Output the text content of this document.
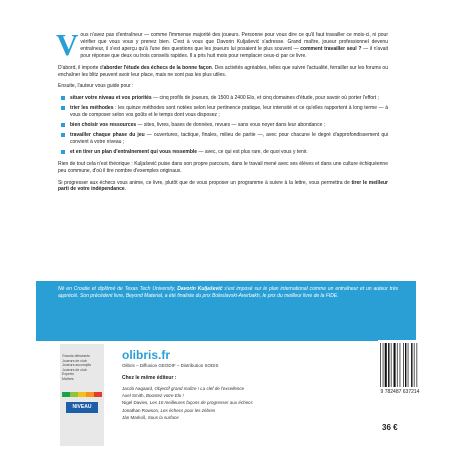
Vous n'avez pas d'entraîneur — comme l'immense majorité des joueurs. Personne pour vous dire ce qu'il faut travailler ce mois-ci, ni pour vérifier que vous vous y prenez bien. C'est à vous que Davorin Kuljašević s'adresse. Grand maître, joueur professionnel devenu entraîneur, il s'est aperçu qu'à l'une des questions que les joueurs lui posaient le plus souvent — comment travailler seul ? — il n'avait pour réponse que deux ou trois conseils rapides. Il a pris huit mois pour remplacer ceux-ci par ce livre.

D'abord, il importe d'aborder l'étude des échecs de la bonne façon. Des activités agréables, telles que suivre l'actualité, ferrailler sur les forums ou enchaîner les blitz peuvent avoir leur place, mais ne sont pas les plus utiles.

Ensuite, l'auteur vous guide pour :

situer votre niveau et vos priorités — cinq profils de joueurs, de 1500 à 2400 Elo, et cinq domaines d'étude, pour savoir où porter l'effort ;
trier les méthodes : les quinze méthodes sont notées selon leur pertinence pratique, leur intensité et ce qu'elles rapportent à long terme — à vous de composer selon vos goûts et le temps dont vous disposez ;
bien choisir vos ressources — sites, livres, bases de données, revues — sans vous noyer dans leur abondance ;
travailler chaque phase du jeu — ouvertures, tactique, finales, milieu de partie —, avec pour chacune le degré d'approfondissement qui convient à votre niveau ;
et en tirer un plan d'entraînement qui vous ressemble — avec, ce qui est plus rare, de quoi vous y tenir.

Rien de tout cela n'est théorique : Kuljašević puise dans son propre parcours, dans le travail mené avec ses élèves et dans une culture échiquéenne peu commune, d'où il tire nombre d'exemples originaux.

Si progresser aux échecs vous anime, ce livre, plutôt que de vous proposer un programme à suivre à la lettre, vous permettra de tirer le meilleur parti de votre indépendance.

Né en Croatie et diplômé de Texas Tech University, Davorin Kuljašević s'est imposé sur le plan international comme un entraîneur et un auteur très apprécié. Son précédent livre, Beyond Material, a été finaliste du prix Boleslavski-Averbakh, le prix du meilleur livre de la FIDE.
Grands débutants
Joueurs de club
Joueurs accomplis
Joueurs de club
Experts
Maîtres
NIVEAU
olibris.fr
Olibris – Diffusion GEODIF – Distribution SODIS
Chez le même éditeur :
Jacob Aagaard, Objectif grand maître ! La clef de l'excellence
Axel Smith, Boostez votre Elo !
Nigel Davies, Les 10 meilleures façons de progresser aux échecs
Jonathan Rowson, Les échecs pour les zèbres
Ján Markoš, Sous la surface
9 782487 637214
36 €
